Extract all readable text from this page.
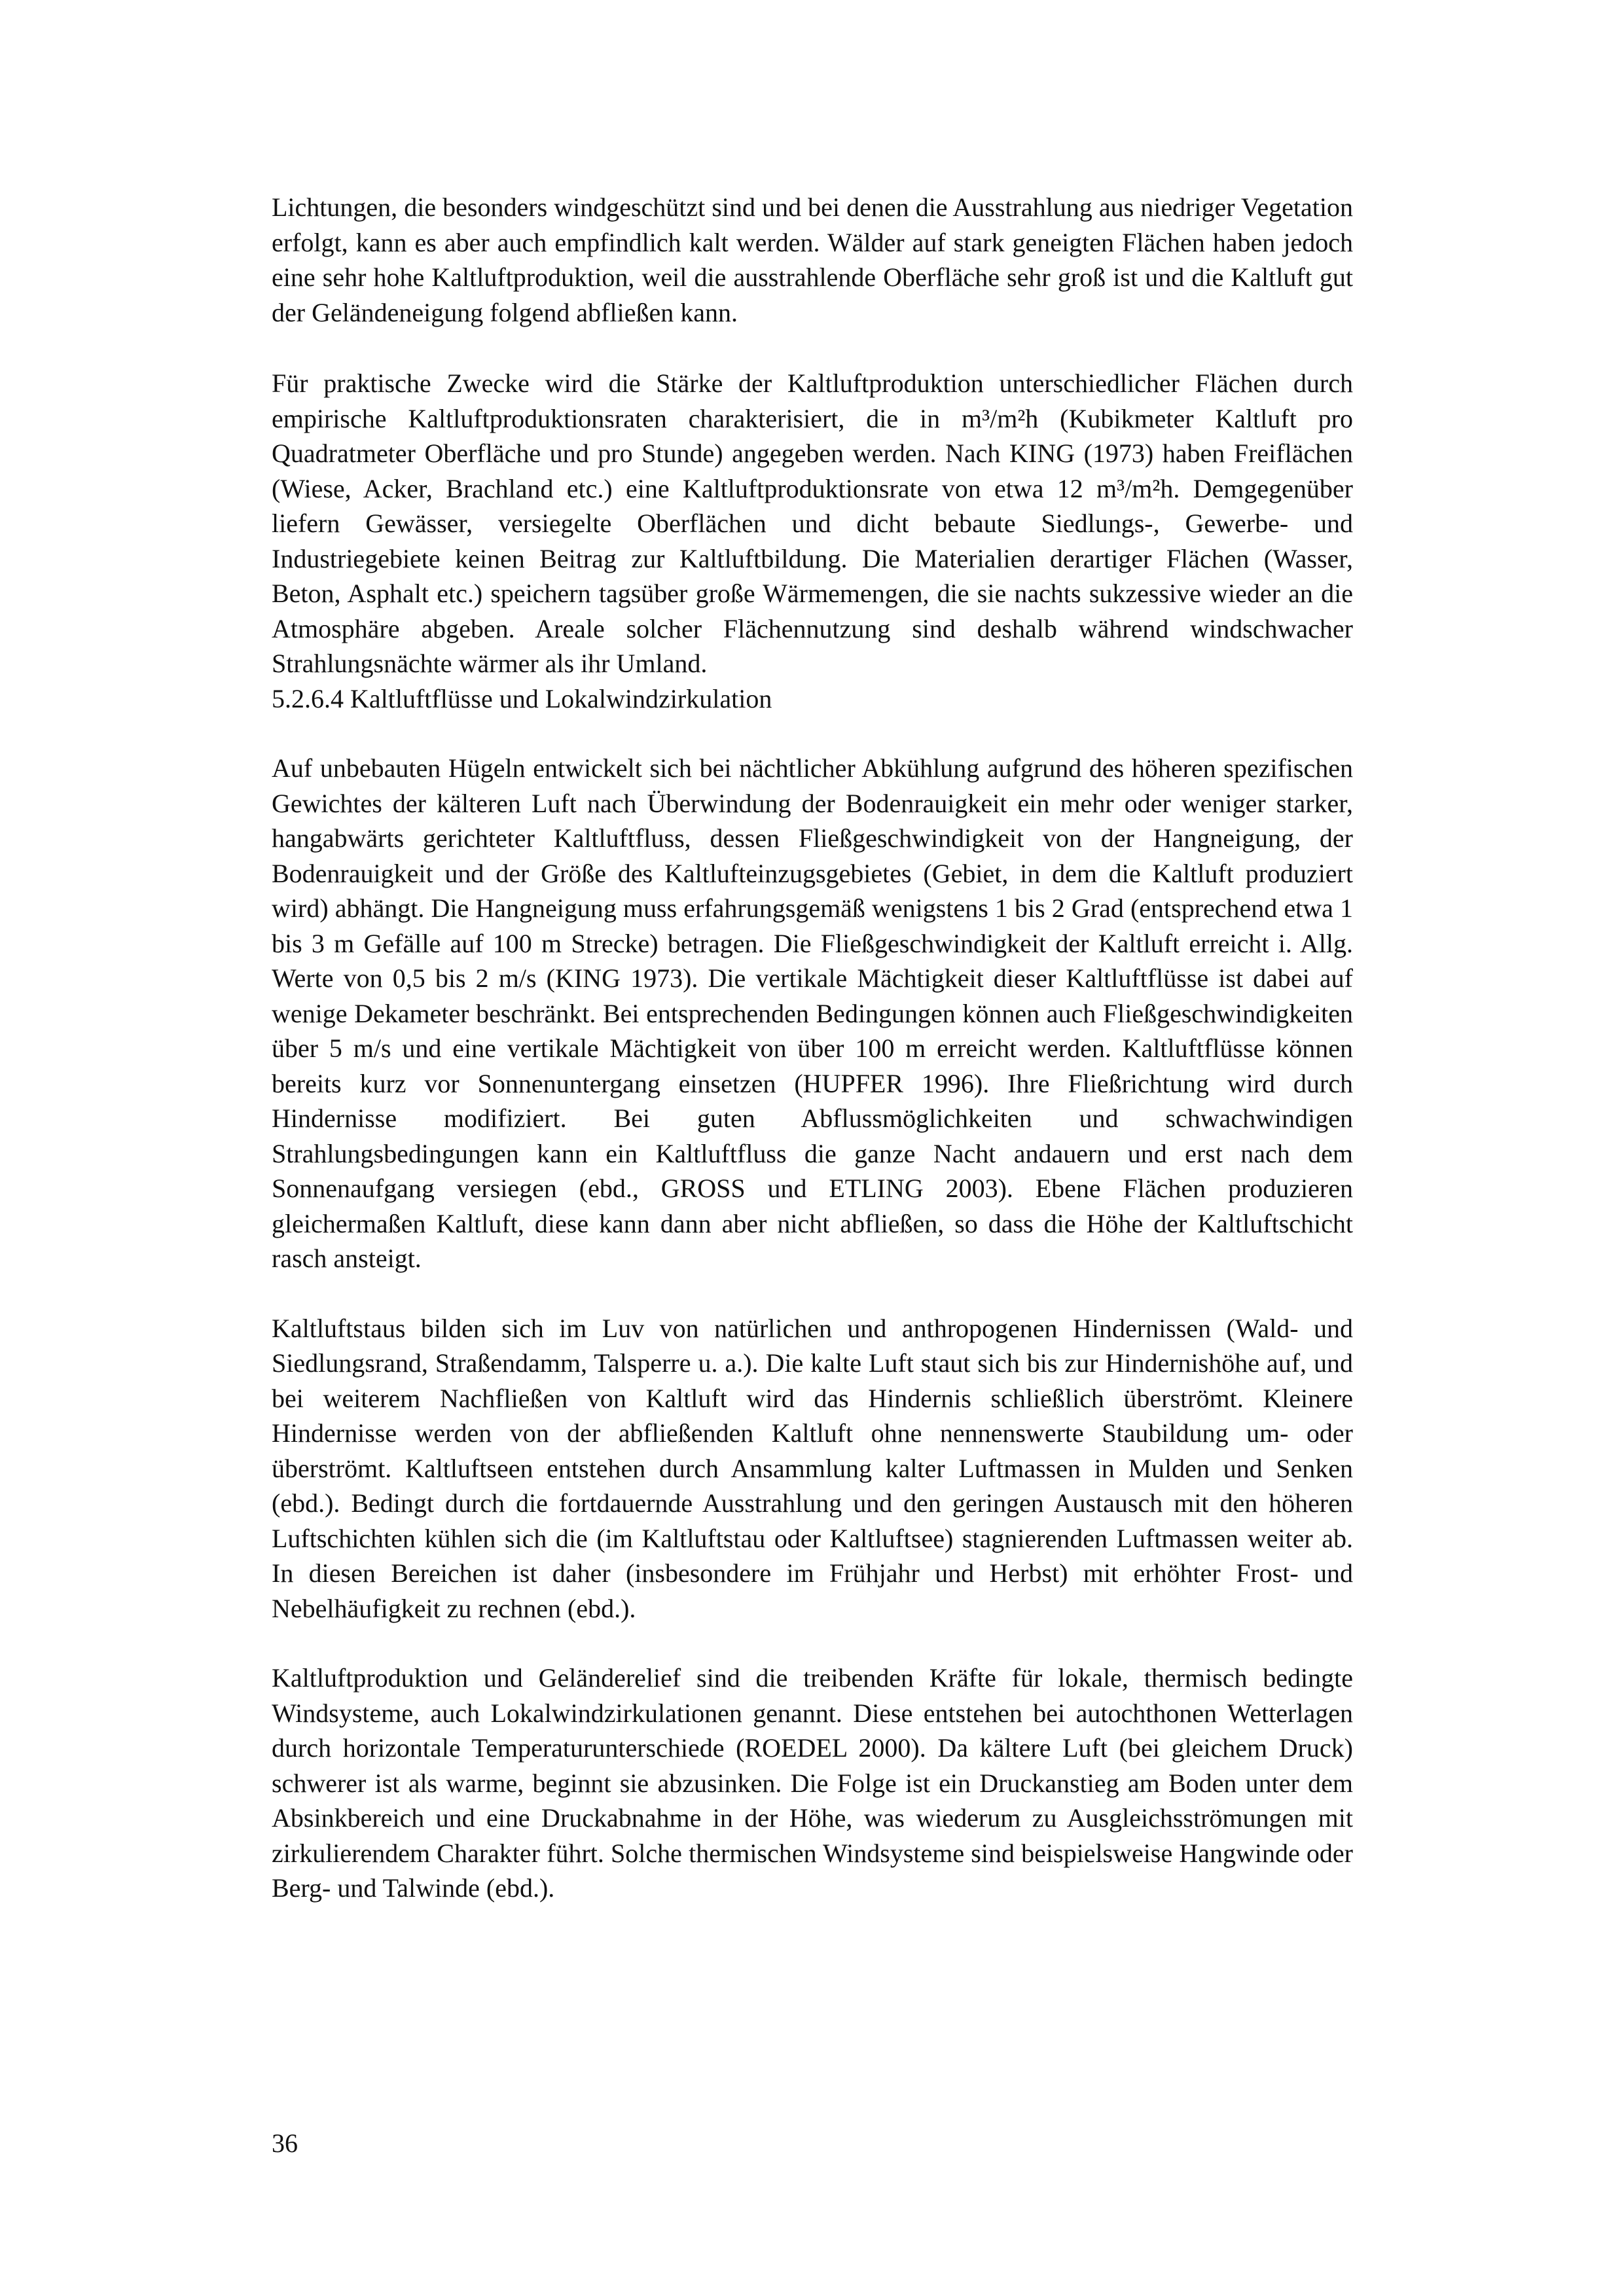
Lichtungen, die besonders windgeschützt sind und bei denen die Ausstrahlung aus niedriger Vegetation erfolgt, kann es aber auch empfindlich kalt werden. Wälder auf stark geneigten Flächen haben jedoch eine sehr hohe Kaltluftproduktion, weil die ausstrahlende Oberfläche sehr groß ist und die Kaltluft gut der Geländeneigung folgend abfließen kann.

Für praktische Zwecke wird die Stärke der Kaltluftproduktion unterschiedlicher Flächen durch empirische Kaltluftproduktionsraten charakterisiert, die in m³/m²h (Kubikmeter Kaltluft pro Quadratmeter Oberfläche und pro Stunde) angegeben werden. Nach KING (1973) haben Freiflächen (Wiese, Acker, Brachland etc.) eine Kaltluftproduktionsrate von etwa 12 m³/m²h. Demgegenüber liefern Gewässer, versiegelte Oberflächen und dicht bebaute Siedlungs-, Gewerbe- und Industriegebiete keinen Beitrag zur Kaltluftbildung. Die Materialien derartiger Flächen (Wasser, Beton, Asphalt etc.) speichern tagsüber große Wärmemengen, die sie nachts sukzessive wieder an die Atmosphäre abgeben. Areale solcher Flächennutzung sind deshalb während windschwacher Strahlungsnächte wärmer als ihr Umland.

5.2.6.4 Kaltluftflüsse und Lokalwindzirkulation

Auf unbebauten Hügeln entwickelt sich bei nächtlicher Abkühlung aufgrund des höheren spezifischen Gewichtes der kälteren Luft nach Überwindung der Bodenrauigkeit ein mehr oder weniger starker, hangabwärts gerichteter Kaltluftfluss, dessen Fließgeschwindigkeit von der Hangneigung, der Bodenrauigkeit und der Größe des Kaltlufteinzugsgebietes (Gebiet, in dem die Kaltluft produziert wird) abhängt. Die Hangneigung muss erfahrungsgemäß wenigstens 1 bis 2 Grad (entsprechend etwa 1 bis 3 m Gefälle auf 100 m Strecke) betragen. Die Fließgeschwindigkeit der Kaltluft erreicht i. Allg. Werte von 0,5 bis 2 m/s (KING 1973). Die vertikale Mächtigkeit dieser Kaltluftflüsse ist dabei auf wenige Dekameter beschränkt. Bei entsprechenden Bedingungen können auch Fließgeschwindigkeiten über 5 m/s und eine vertikale Mächtigkeit von über 100 m erreicht werden. Kaltluftflüsse können bereits kurz vor Sonnenuntergang einsetzen (HUPFER 1996). Ihre Fließrichtung wird durch Hindernisse modifiziert. Bei guten Abflussmöglichkeiten und schwachwindigen Strahlungsbedingungen kann ein Kaltluftfluss die ganze Nacht andauern und erst nach dem Sonnenaufgang versiegen (ebd., GROSS und ETLING 2003). Ebene Flächen produzieren gleichermaßen Kaltluft, diese kann dann aber nicht abfließen, so dass die Höhe der Kaltluftschicht rasch ansteigt.

Kaltluftstaus bilden sich im Luv von natürlichen und anthropogenen Hindernissen (Wald- und Siedlungsrand, Straßendamm, Talsperre u. a.). Die kalte Luft staut sich bis zur Hindernishöhe auf, und bei weiterem Nachfließen von Kaltluft wird das Hindernis schließlich überströmt. Kleinere Hindernisse werden von der abfließenden Kaltluft ohne nennenswerte Staubildung um- oder überströmt. Kaltluftseen entstehen durch Ansammlung kalter Luftmassen in Mulden und Senken (ebd.). Bedingt durch die fortdauernde Ausstrahlung und den geringen Austausch mit den höheren Luftschichten kühlen sich die (im Kaltluftstau oder Kaltluftsee) stagnierenden Luftmassen weiter ab. In diesen Bereichen ist daher (insbesondere im Frühjahr und Herbst) mit erhöhter Frost- und Nebelhäufigkeit zu rechnen (ebd.).

Kaltluftproduktion und Geländerelief sind die treibenden Kräfte für lokale, thermisch bedingte Windsysteme, auch Lokalwindzirkulationen genannt. Diese entstehen bei autochthonen Wetterlagen durch horizontale Temperaturunterschiede (ROEDEL 2000). Da kältere Luft (bei gleichem Druck) schwerer ist als warme, beginnt sie abzusinken. Die Folge ist ein Druckanstieg am Boden unter dem Absinkbereich und eine Druckabnahme in der Höhe, was wiederum zu Ausgleichsströmungen mit zirkulierendem Charakter führt. Solche thermischen Windsysteme sind beispielsweise Hangwinde oder Berg- und Talwinde (ebd.).

36
